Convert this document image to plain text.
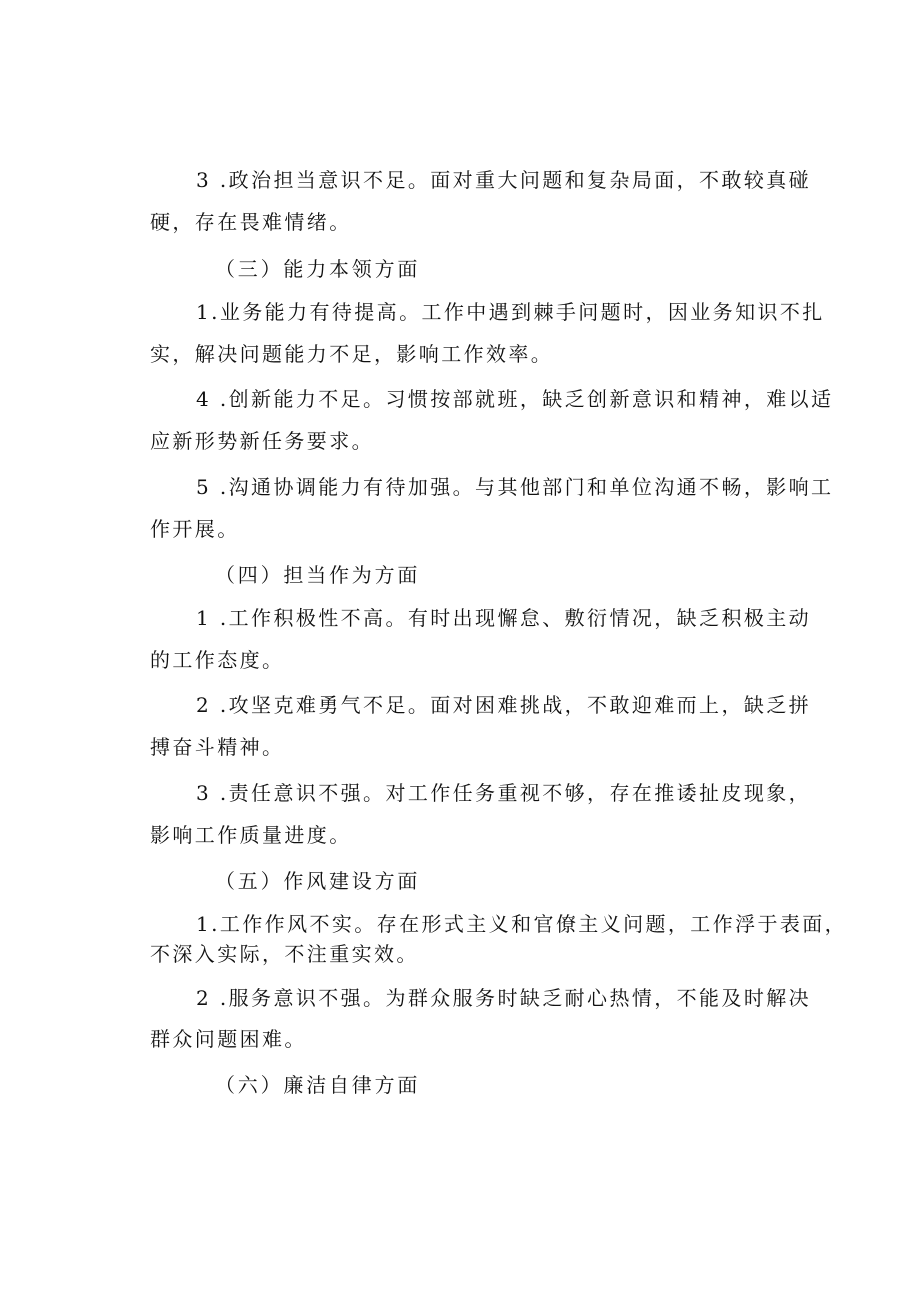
3 .政治担当意识不足。面对重大问题和复杂局面，不敢较真碰
硬，存在畏难情绪。
（三）能力本领方面
1.业务能力有待提高。工作中遇到棘手问题时，因业务知识不扎
实，解决问题能力不足，影响工作效率。
4 .创新能力不足。习惯按部就班，缺乏创新意识和精神，难以适
应新形势新任务要求。
5 .沟通协调能力有待加强。与其他部门和单位沟通不畅，影响工
作开展。
（四）担当作为方面
1 .工作积极性不高。有时出现懈怠、敷衍情况，缺乏积极主动
的工作态度。
2 .攻坚克难勇气不足。面对困难挑战，不敢迎难而上，缺乏拼
搏奋斗精神。
3 .责任意识不强。对工作任务重视不够，存在推诿扯皮现象，
影响工作质量进度。
（五）作风建设方面
1.工作作风不实。存在形式主义和官僚主义问题，工作浮于表面，
不深入实际，不注重实效。
2 .服务意识不强。为群众服务时缺乏耐心热情，不能及时解决
群众问题困难。
（六）廉洁自律方面
